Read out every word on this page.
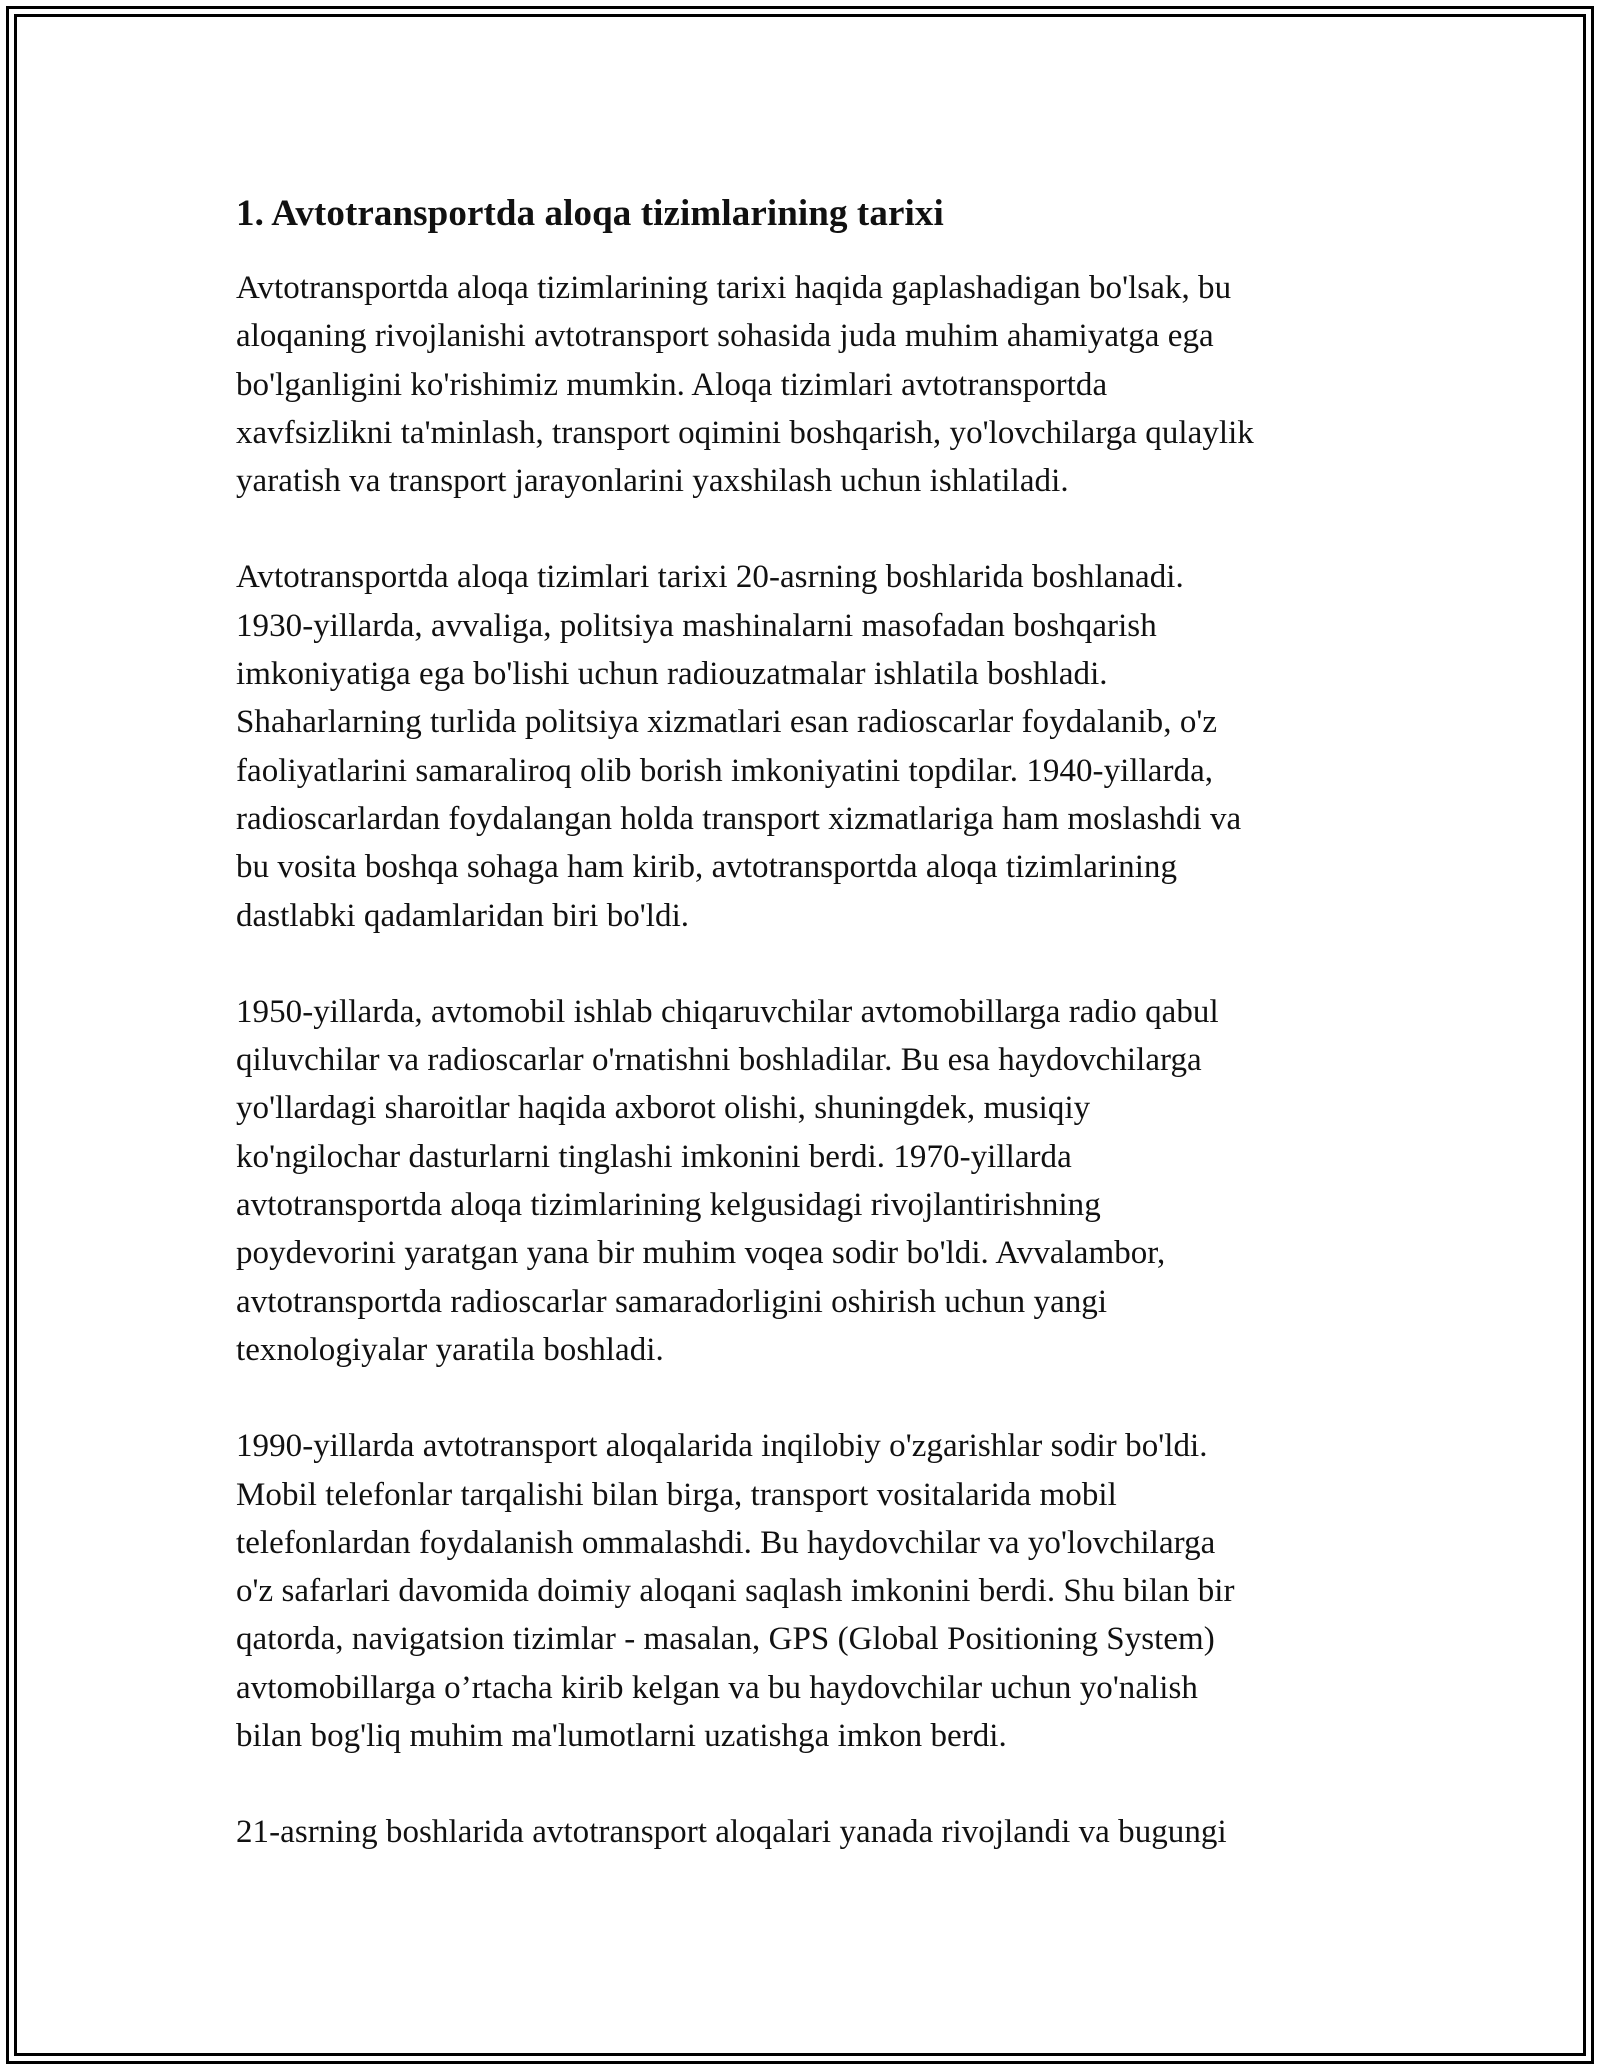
1. Avtotransportda aloqa tizimlarining tarixi

Avtotransportda aloqa tizimlarining tarixi haqida gaplashadigan bo'lsak, bu
aloqaning rivojlanishi avtotransport sohasida juda muhim ahamiyatga ega
bo'lganligini ko'rishimiz mumkin. Aloqa tizimlari avtotransportda
xavfsizlikni ta'minlash, transport oqimini boshqarish, yo'lovchilarga qulaylik
yaratish va transport jarayonlarini yaxshilash uchun ishlatiladi.

Avtotransportda aloqa tizimlari tarixi 20-asrning boshlarida boshlanadi.
1930-yillarda, avvaliga, politsiya mashinalarni masofadan boshqarish
imkoniyatiga ega bo'lishi uchun radiouzatmalar ishlatila boshladi.
Shaharlarning turlida politsiya xizmatlari esan radioscarlar foydalanib, o'z
faoliyatlarini samaraliroq olib borish imkoniyatini topdilar. 1940-yillarda,
radioscarlardan foydalangan holda transport xizmatlariga ham moslashdi va
bu vosita boshqa sohaga ham kirib, avtotransportda aloqa tizimlarining
dastlabki qadamlaridan biri bo'ldi.

1950-yillarda, avtomobil ishlab chiqaruvchilar avtomobillarga radio qabul
qiluvchilar va radioscarlar o'rnatishni boshladilar. Bu esa haydovchilarga
yo'llardagi sharoitlar haqida axborot olishi, shuningdek, musiqiy
ko'ngilochar dasturlarni tinglashi imkonini berdi. 1970-yillarda
avtotransportda aloqa tizimlarining kelgusidagi rivojlantirishning
poydevorini yaratgan yana bir muhim voqea sodir bo'ldi. Avvalambor,
avtotransportda radioscarlar samaradorligini oshirish uchun yangi
texnologiyalar yaratila boshladi.

1990-yillarda avtotransport aloqalarida inqilobiy o'zgarishlar sodir bo'ldi.
Mobil telefonlar tarqalishi bilan birga, transport vositalarida mobil
telefonlardan foydalanish ommalashdi. Bu haydovchilar va yo'lovchilarga
o'z safarlari davomida doimiy aloqani saqlash imkonini berdi. Shu bilan bir
qatorda, navigatsion tizimlar - masalan, GPS (Global Positioning System)
avtomobillarga o’rtacha kirib kelgan va bu haydovchilar uchun yo'nalish
bilan bog'liq muhim ma'lumotlarni uzatishga imkon berdi.

21-asrning boshlarida avtotransport aloqalari yanada rivojlandi va bugungi
